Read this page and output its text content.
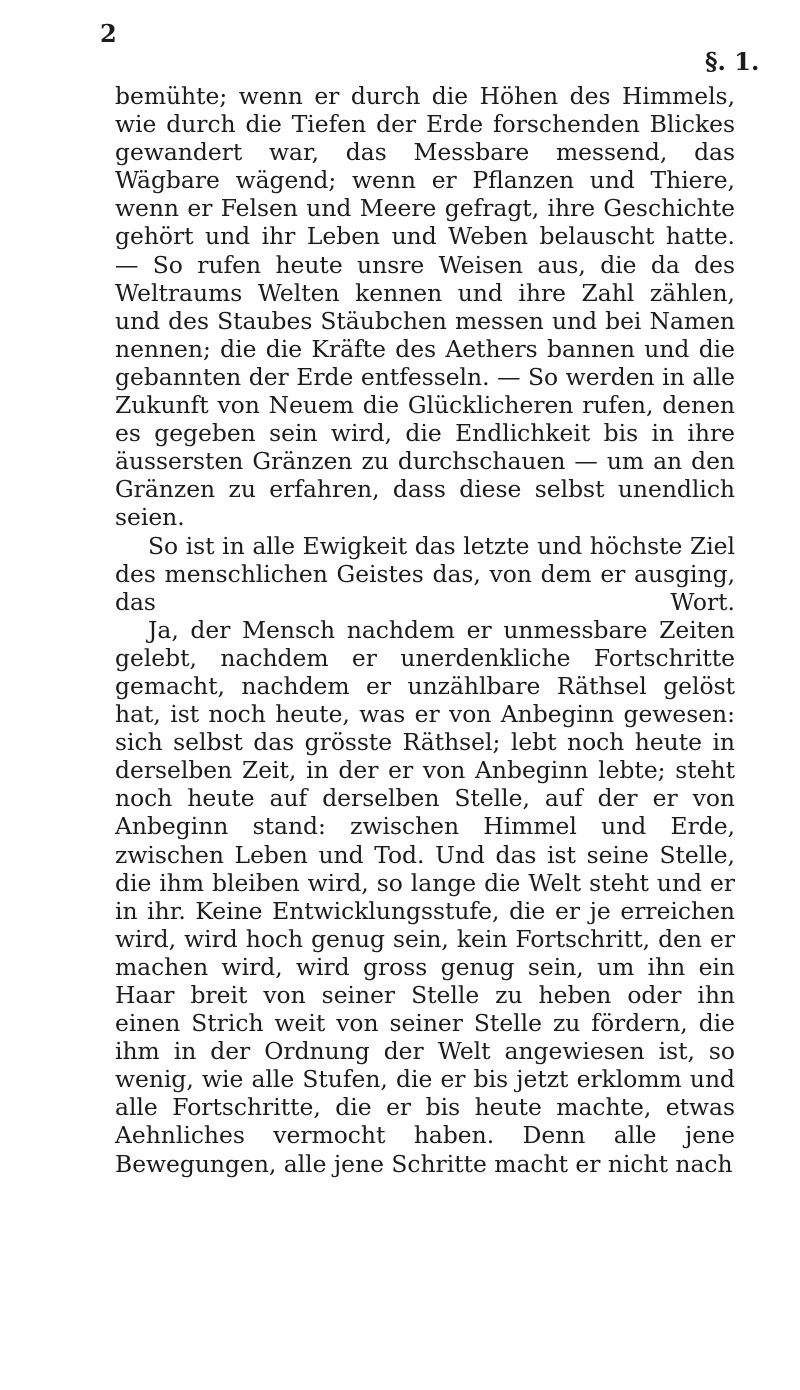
2
§. 1.

bemühte; wenn er durch die Höhen des Himmels, wie durch die Tiefen der Erde forschenden Blickes gewandert war, das Messbare messend, das Wägbare wägend; wenn er Pflanzen und Thiere, wenn er Felsen und Meere gefragt, ihre Geschichte gehört und ihr Leben und Weben belauscht hatte. — So rufen heute unsre Weisen aus, die da des Weltraums Welten kennen und ihre Zahl zählen, und des Staubes Stäubchen messen und bei Namen nennen; die die Kräfte des Aethers bannen und die gebannten der Erde entfesseln. — So werden in alle Zukunft von Neuem die Glücklicheren rufen, denen es gegeben sein wird, die Endlichkeit bis in ihre äussersten Gränzen zu durchschauen — um an den Gränzen zu erfahren, dass diese selbst unendlich seien.

So ist in alle Ewigkeit das letzte und höchste Ziel des menschlichen Geistes das, von dem er ausging, das Wort.

Ja, der Mensch nachdem er unmessbare Zeiten gelebt, nachdem er unerdenkliche Fortschritte gemacht, nachdem er unzählbare Räthsel gelöst hat, ist noch heute, was er von Anbeginn gewesen: sich selbst das grösste Räthsel; lebt noch heute in derselben Zeit, in der er von Anbeginn lebte; steht noch heute auf derselben Stelle, auf der er von Anbeginn stand: zwischen Himmel und Erde, zwischen Leben und Tod. Und das ist seine Stelle, die ihm bleiben wird, so lange die Welt steht und er in ihr. Keine Entwicklungsstufe, die er je erreichen wird, wird hoch genug sein, kein Fortschritt, den er machen wird, wird gross genug sein, um ihn ein Haar breit von seiner Stelle zu heben oder ihn einen Strich weit von seiner Stelle zu fördern, die ihm in der Ordnung der Welt angewiesen ist, so wenig, wie alle Stufen, die er bis jetzt erklomm und alle Fortschritte, die er bis heute machte, etwas Aehnliches vermocht haben. Denn alle jene Bewegungen, alle jene Schritte macht er nicht nach
